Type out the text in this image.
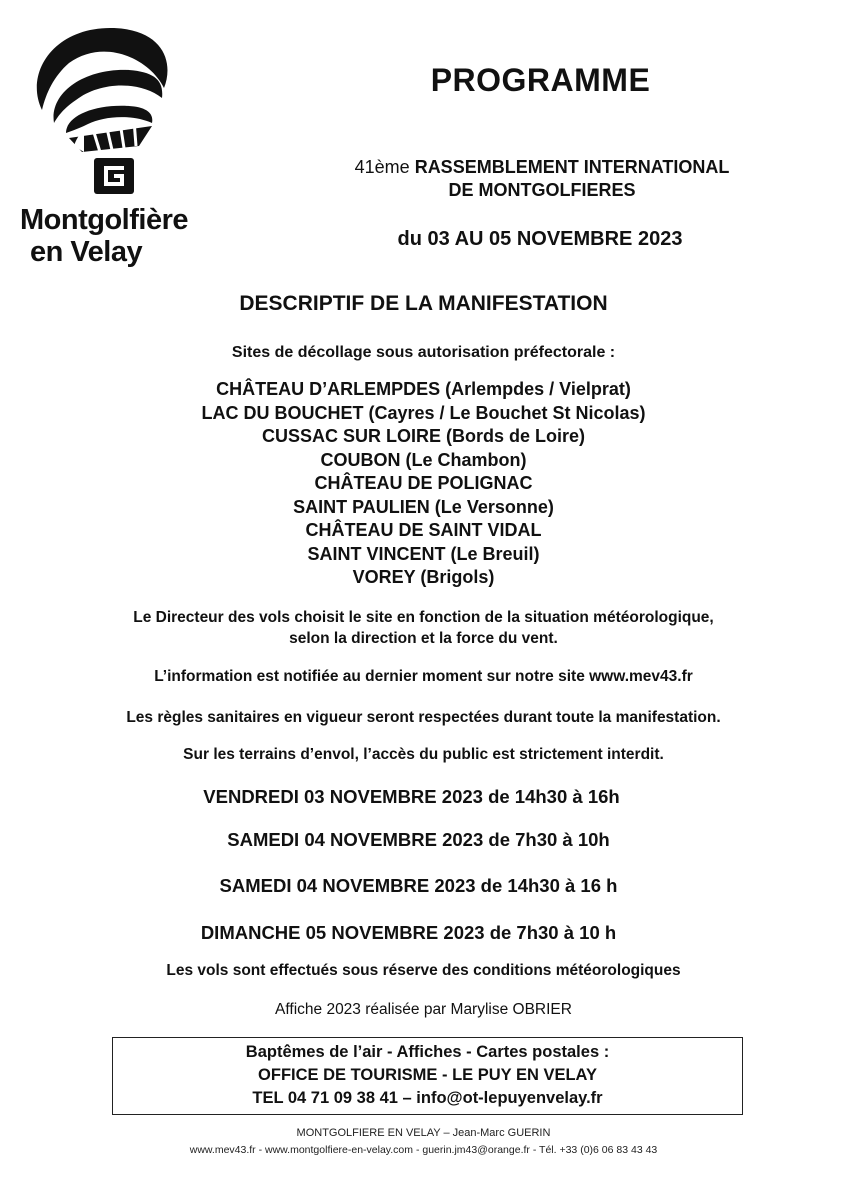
Montgolfière
en Velay
PROGRAMME
41ème RASSEMBLEMENT INTERNATIONAL
DE MONTGOLFIERES
du 03 AU 05 NOVEMBRE 2023
DESCRIPTIF DE LA MANIFESTATION
Sites de décollage sous autorisation préfectorale :
CHÂTEAU D’ARLEMPDES (Arlempdes / Vielprat)
LAC DU BOUCHET (Cayres / Le Bouchet St Nicolas)
CUSSAC SUR LOIRE (Bords de Loire)
COUBON (Le Chambon)
CHÂTEAU DE POLIGNAC
SAINT PAULIEN (Le Versonne)
CHÂTEAU DE SAINT VIDAL
SAINT VINCENT (Le Breuil)
VOREY (Brigols)
Le Directeur des vols choisit le site en fonction de la situation météorologique,
selon la direction et la force du vent.
L’information est notifiée au dernier moment sur notre site www.mev43.fr
Les règles sanitaires en vigueur seront respectées durant toute la manifestation.
Sur les terrains d’envol, l’accès du public est strictement interdit.
VENDREDI 03 NOVEMBRE 2023 de 14h30 à 16h
SAMEDI 04 NOVEMBRE 2023 de 7h30 à 10h
SAMEDI 04 NOVEMBRE 2023 de 14h30 à 16 h
DIMANCHE 05 NOVEMBRE 2023 de 7h30 à 10 h
Les vols sont effectués sous réserve des conditions météorologiques
Affiche 2023 réalisée par Marylise OBRIER
Baptêmes de l’air - Affiches - Cartes postales :
OFFICE DE TOURISME - LE PUY EN VELAY
TEL 04 71 09 38 41 – info@ot-lepuyenvelay.fr
MONTGOLFIERE EN VELAY – Jean-Marc GUERIN
www.mev43.fr - www.montgolfiere-en-velay.com - guerin.jm43@orange.fr - Tél. +33 (0)6 06 83 43 43
